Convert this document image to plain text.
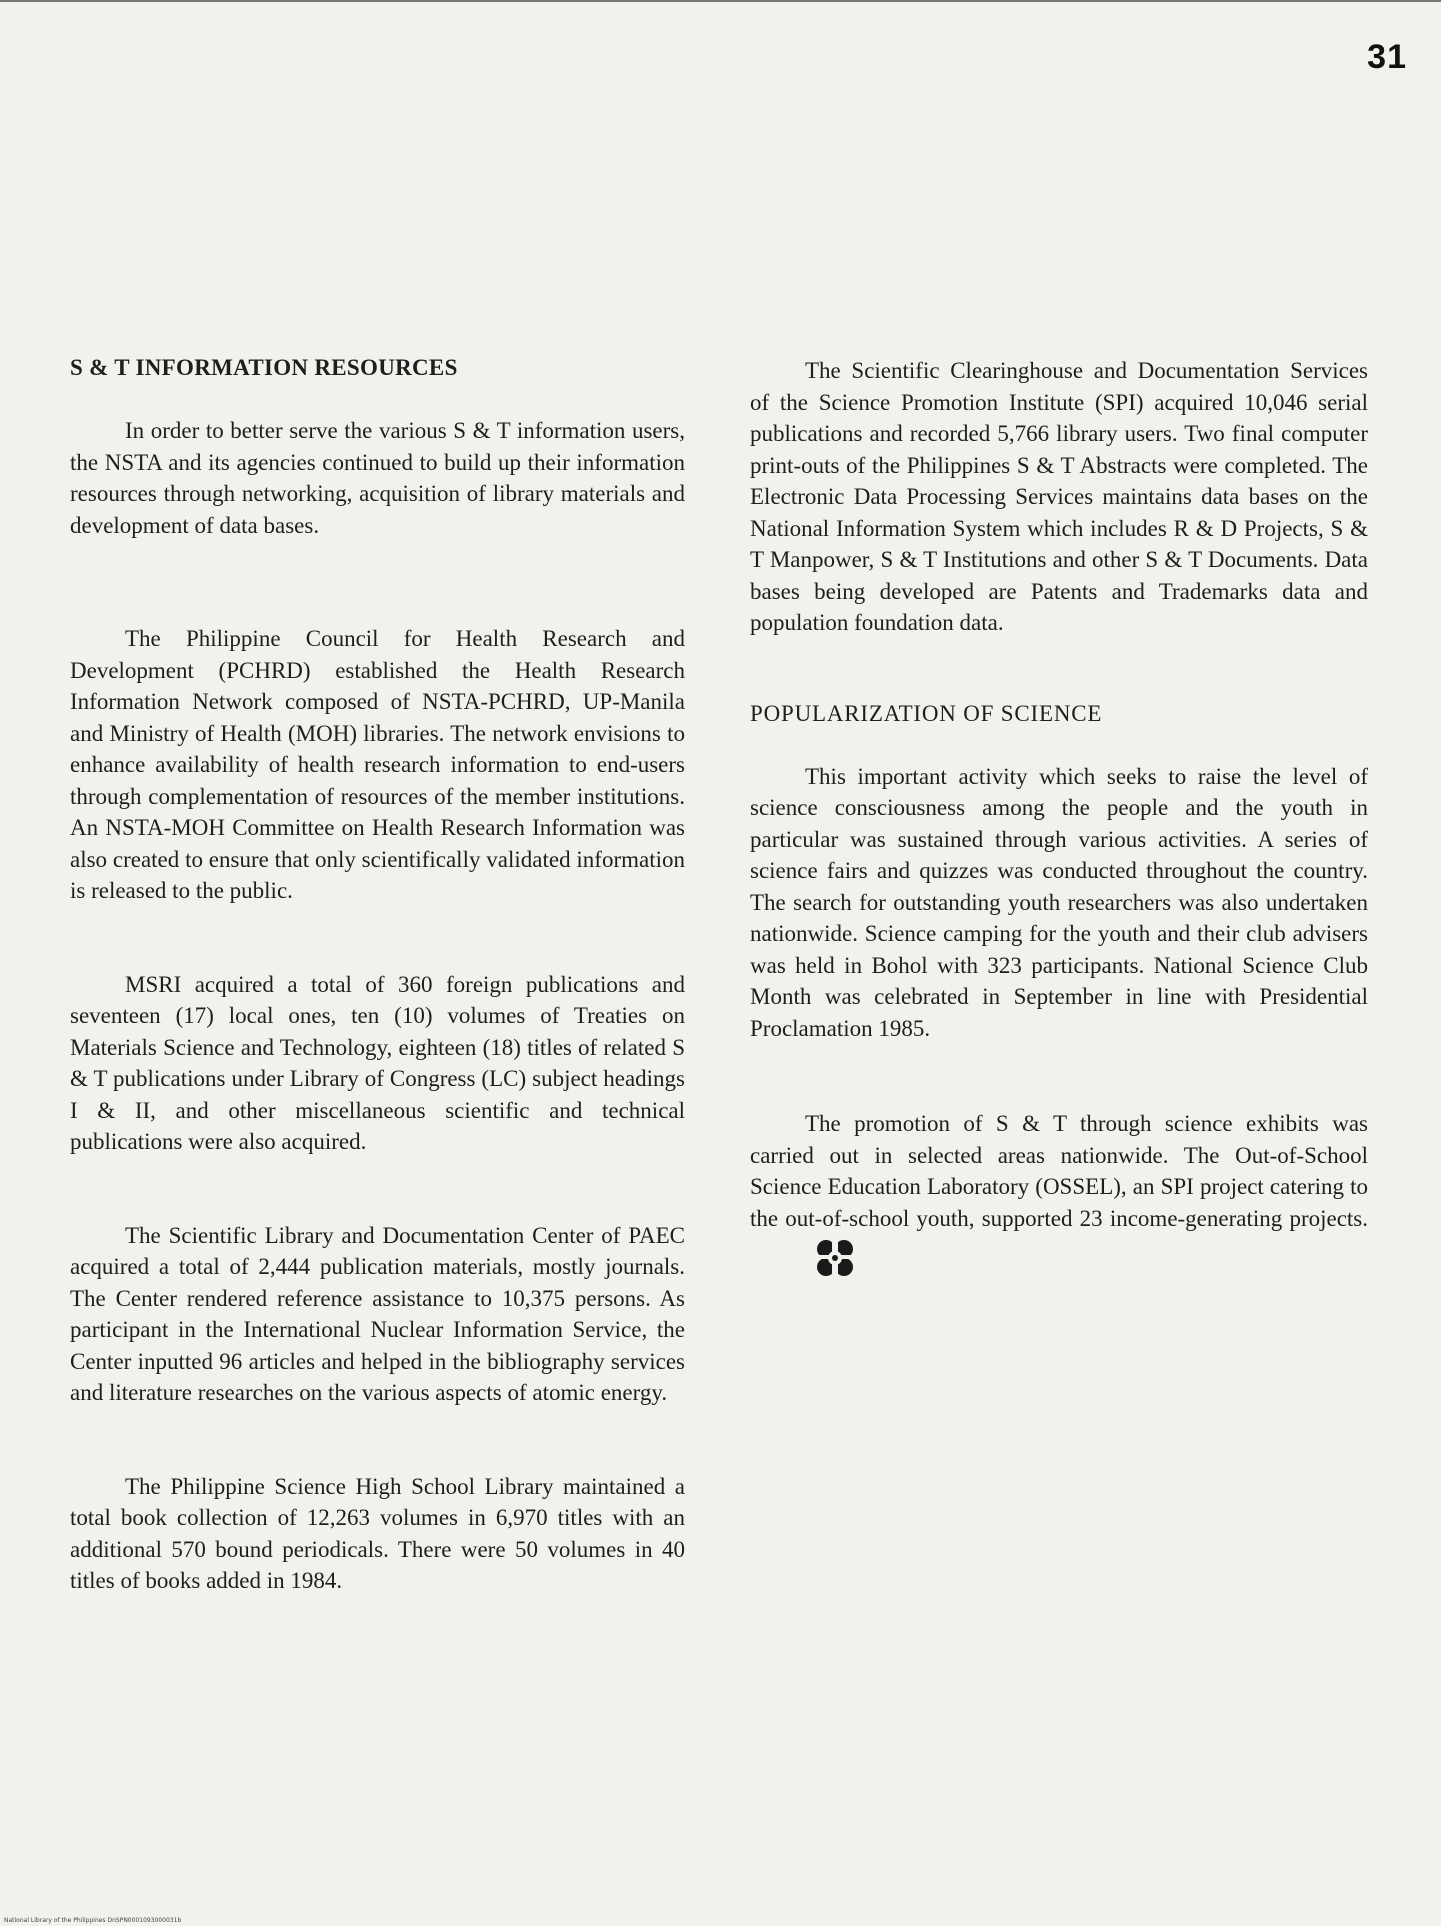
31
S & T INFORMATION RESOURCES

In order to better serve the various S & T information users, the NSTA and its agencies continued to build up their information resources through networking, acquisition of library materials and development of data bases.

The Philippine Council for Health Research and Development (PCHRD) established the Health Research Information Network composed of NSTA-PCHRD, UP-Manila and Ministry of Health (MOH) libraries. The network envisions to enhance availability of health research information to end-users through complementation of resources of the member institutions. An NSTA-MOH Committee on Health Research Information was also created to ensure that only scientifically validated information is released to the public.

MSRI acquired a total of 360 foreign publications and seventeen (17) local ones, ten (10) volumes of Treaties on Materials Science and Technology, eighteen (18) titles of related S & T publications under Library of Congress (LC) subject headings I & II, and other miscellaneous scientific and technical publications were also acquired.

The Scientific Library and Documentation Center of PAEC acquired a total of 2,444 publication materials, mostly journals. The Center rendered reference assistance to 10,375 persons. As participant in the International Nuclear Information Service, the Center inputted 96 articles and helped in the bibliography services and literature researches on the various aspects of atomic energy.

The Philippine Science High School Library maintained a total book collection of 12,263 volumes in 6,970 titles with an additional 570 bound periodicals. There were 50 volumes in 40 titles of books added in 1984.

The Scientific Clearinghouse and Documentation Services of the Science Promotion Institute (SPI) acquired 10,046 serial publications and recorded 5,766 library users. Two final computer print-outs of the Philippines S & T Abstracts were completed. The Electronic Data Processing Services maintains data bases on the National Information System which includes R & D Projects, S & T Manpower, S & T Institutions and other S & T Documents. Data bases being developed are Patents and Trademarks data and population foundation data.

POPULARIZATION OF SCIENCE

This important activity which seeks to raise the level of science consciousness among the people and the youth in particular was sustained through various activities. A series of science fairs and quizzes was conducted throughout the country. The search for outstanding youth researchers was also undertaken nationwide. Science camping for the youth and their club advisers was held in Bohol with 323 participants. National Science Club Month was celebrated in September in line with Presidential Proclamation 1985.

The promotion of S & T through science exhibits was carried out in selected areas nationwide. The Out-of-School Science Education Laboratory (OSSEL), an SPI project catering to the out-of-school youth, supported 23 income-generating projects.

National Library of the Philippines DnSPN0001093000031b
